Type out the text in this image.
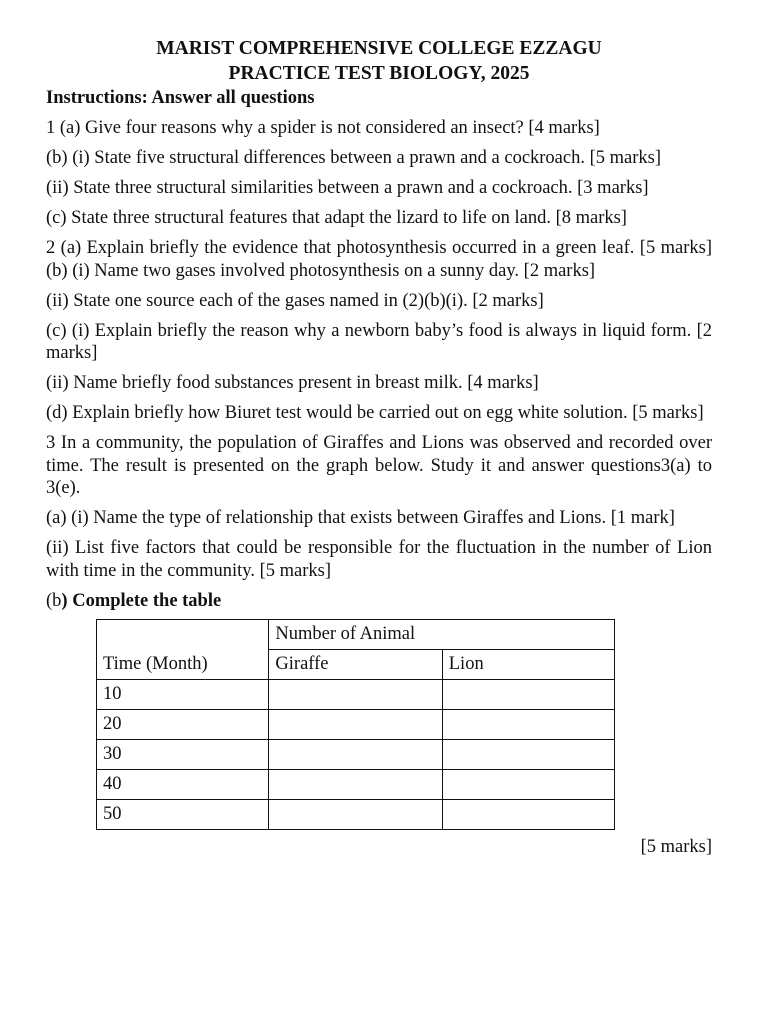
MARIST COMPREHENSIVE COLLEGE EZZAGU
PRACTICE TEST BIOLOGY, 2025
Instructions: Answer all questions
1 (a) Give four reasons why a spider is not considered an insect? [4 marks]
(b) (i) State five structural differences between a prawn and a cockroach. [5 marks]
(ii) State three structural similarities between a prawn and a cockroach. [3 marks]
(c) State three structural features that adapt the lizard to life on land. [8 marks]
2 (a) Explain briefly the evidence that photosynthesis occurred in a green leaf. [5 marks] (b) (i) Name two gases involved photosynthesis on a sunny day. [2 marks]
(ii) State one source each of the gases named in (2)(b)(i). [2 marks]
(c) (i) Explain briefly the reason why a newborn baby’s food is always in liquid form. [2 marks]
(ii) Name briefly food substances present in breast milk. [4 marks]
(d) Explain briefly how Biuret test would be carried out on egg white solution. [5 marks]
3 In a community, the population of Giraffes and Lions was observed and recorded over time. The result is presented on the graph below. Study it and answer questions3(a) to 3(e).
(a) (i) Name the type of relationship that exists between Giraffes and Lions. [1 mark]
(ii) List five factors that could be responsible for the fluctuation in the number of Lion with time in the community. [5 marks]
(b) Complete the table
Time (Month)	Number of Animal	
	Giraffe	Lion
10		
20		
30		
40		
50		
[5 marks]
